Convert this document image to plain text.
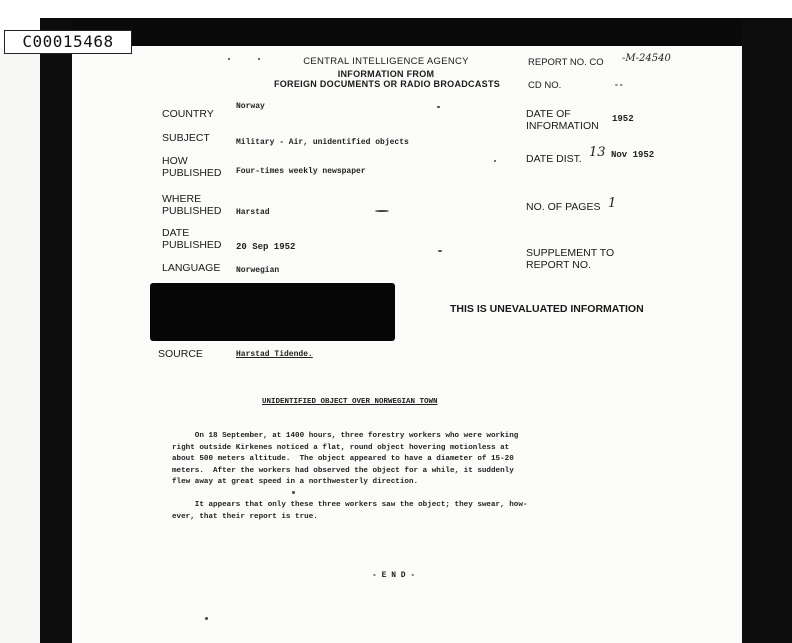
C00015468
CENTRAL INTELLIGENCE AGENCY
INFORMATION FROM
FOREIGN DOCUMENTS OR RADIO BROADCASTS
REPORT NO. CO -M-24540
CD NO.	--
COUNTRY
Norway
SUBJECT	Military - Air, unidentified objects
HOW
PUBLISHED Four-times weekly newspaper
WHERE
PUBLISHED Harstad
DATE
PUBLISHED 20 Sep 1952
LANGUAGE Norwegian
DATE OF
INFORMATION
1952
DATE DIST. 13 Nov 1952
NO. OF PAGES 1
SUPPLEMENT TO
REPORT NO.
THIS IS UNEVALUATED INFORMATION
SOURCE	Harstad Tidende.
UNIDENTIFIED OBJECT OVER NORWEGIAN TOWN
On 18 September, at 1400 hours, three forestry workers who were working
right outside Kirkenes noticed a flat, round object hovering motionless at
about 500 meters altitude.  The object appeared to have a diameter of 15-20
meters.  After the workers had observed the object for a while, it suddenly
flew away at great speed in a northwesterly direction.
It appears that only these three workers saw the object; they swear, how-
ever, that their report is true.
- E N D -
